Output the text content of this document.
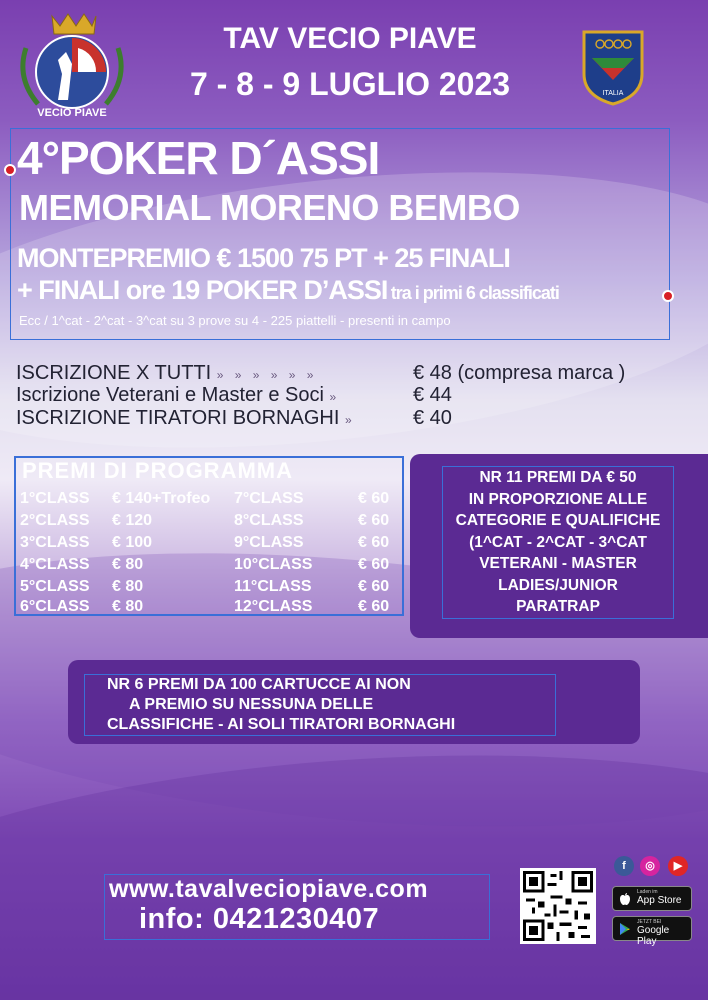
VECIO PIAVE
ITALIA
TAV VECIO PIAVE
7 - 8 - 9 LUGLIO 2023
4°POKER D´ASSI
MEMORIAL MORENO BEMBO
MONTEPREMIO € 1500 75 PT + 25 FINALI
+ FINALI ore 19 POKER D’ASSI tra i primi 6 classificati
Ecc / 1^cat - 2^cat - 3^cat su 3 prove su 4 - 225 piattelli - presenti in campo
ISCRIZIONE X TUTTI » » » » » »	€ 48 (compresa marca )
Iscrizione Veterani e Master e Soci »	€ 44
ISCRIZIONE TIRATORI BORNAGHI »	€ 40
PREMI DI PROGRAMMA
1°CLASS € 140+Trofeo 7°CLASS	€ 60
2°CLASS € 120	8°CLASS	€ 60
3°CLASS € 100	9°CLASS	€ 60
4°CLASS € 80	10°CLASS	€ 60
5°CLASS € 80	11°CLASS	€ 60
6°CLASS € 80	12°CLASS	€ 60
NR 11 PREMI DA € 50
IN PROPORZIONE ALLE
CATEGORIE E QUALIFICHE
(1^CAT - 2^CAT - 3^CAT
VETERANI - MASTER
LADIES/JUNIOR
PARATRAP
NR 6 PREMI DA 100 CARTUCCE AI NON
A PREMIO SU NESSUNA DELLE
CLASSIFICHE - AI SOLI TIRATORI BORNAGHI
www.tavalveciopiave.com
info: 0421230407
f	◎	▶
Laden im
App Store
JETZT BEI
Google Play
